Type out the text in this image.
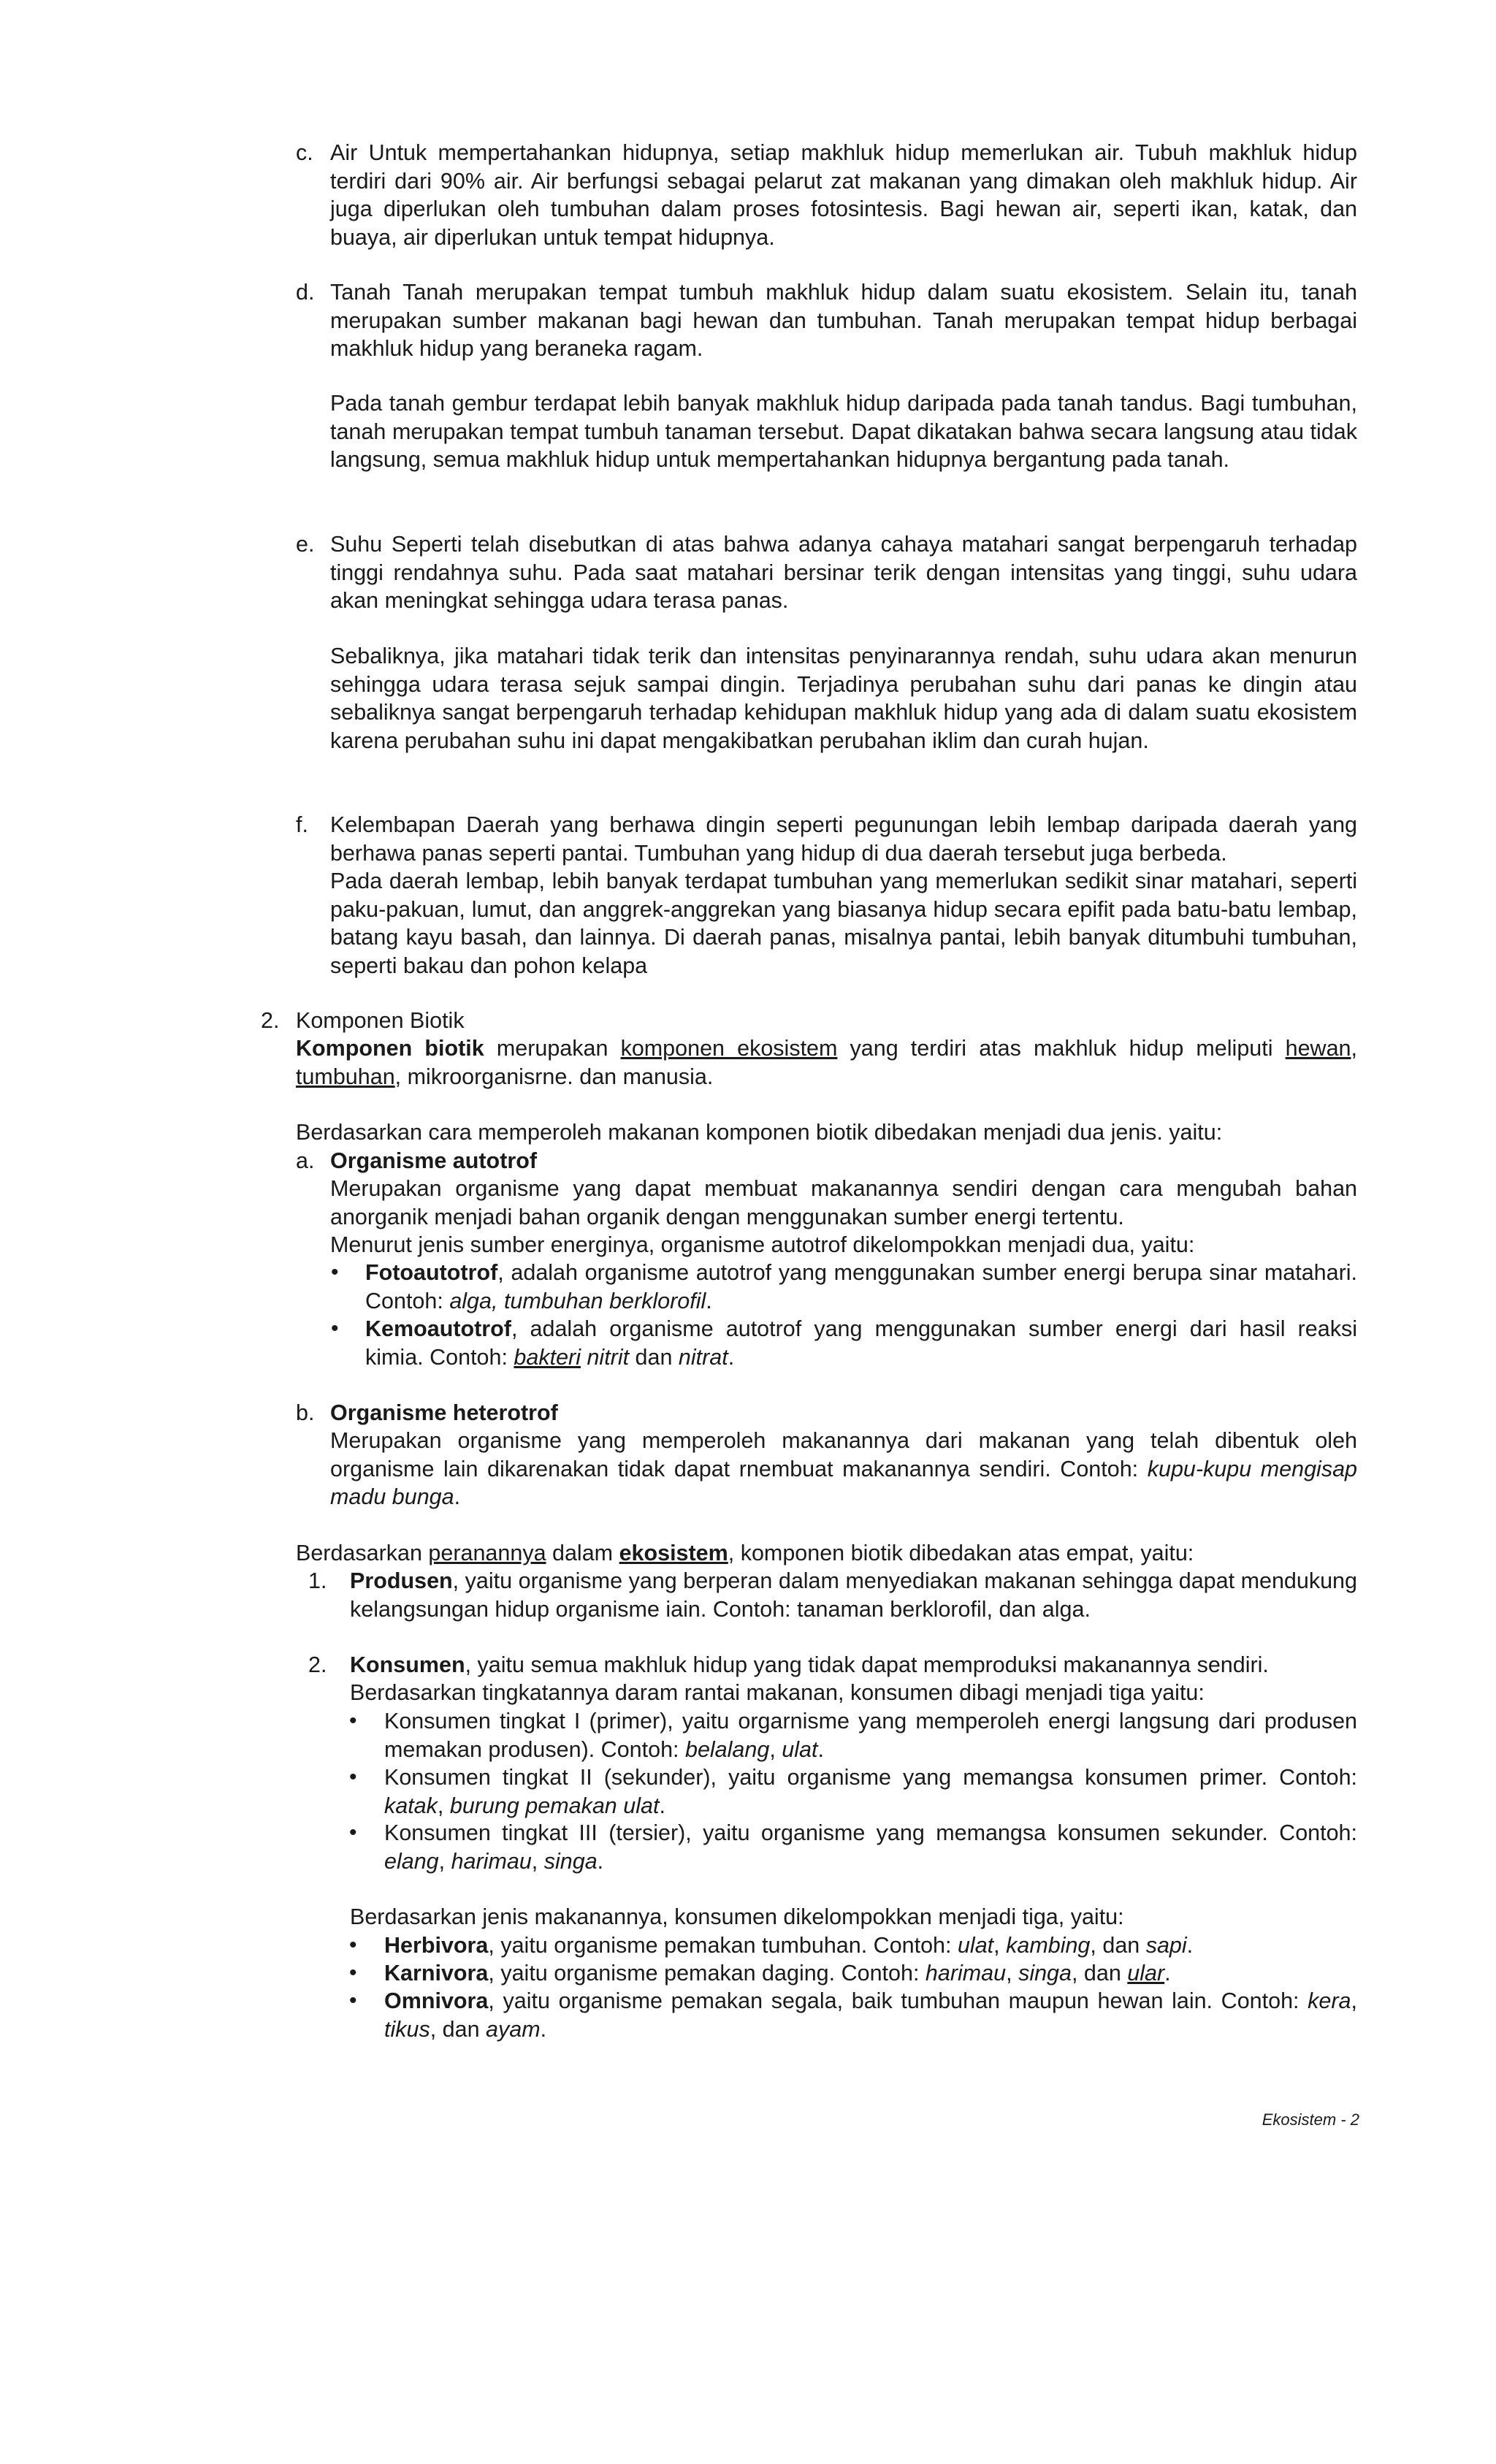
c. Air Untuk mempertahankan hidupnya, setiap makhluk hidup memerlukan air. Tubuh makhluk hidup terdiri dari 90% air. Air berfungsi sebagai pelarut zat makanan yang dimakan oleh makhluk hidup. Air juga diperlukan oleh tumbuhan dalam proses fotosintesis. Bagi hewan air, seperti ikan, katak, dan buaya, air diperlukan untuk tempat hidupnya.

d. Tanah Tanah merupakan tempat tumbuh makhluk hidup dalam suatu ekosistem. Selain itu, tanah merupakan sumber makanan bagi hewan dan tumbuhan. Tanah merupakan tempat hidup berbagai makhluk hidup yang beraneka ragam.

Pada tanah gembur terdapat lebih banyak makhluk hidup daripada pada tanah tandus. Bagi tumbuhan, tanah merupakan tempat tumbuh tanaman tersebut. Dapat dikatakan bahwa secara langsung atau tidak langsung, semua makhluk hidup untuk mempertahankan hidupnya bergantung pada tanah.

e. Suhu Seperti telah disebutkan di atas bahwa adanya cahaya matahari sangat berpengaruh terhadap tinggi rendahnya suhu. Pada saat matahari bersinar terik dengan intensitas yang tinggi, suhu udara akan meningkat sehingga udara terasa panas.

Sebaliknya, jika matahari tidak terik dan intensitas penyinarannya rendah, suhu udara akan menurun sehingga udara terasa sejuk sampai dingin. Terjadinya perubahan suhu dari panas ke dingin atau sebaliknya sangat berpengaruh terhadap kehidupan makhluk hidup yang ada di dalam suatu ekosistem karena perubahan suhu ini dapat mengakibatkan perubahan iklim dan curah hujan.

f. Kelembapan Daerah yang berhawa dingin seperti pegunungan lebih lembap daripada daerah yang berhawa panas seperti pantai. Tumbuhan yang hidup di dua daerah tersebut juga berbeda.

Pada daerah lembap, lebih banyak terdapat tumbuhan yang memerlukan sedikit sinar matahari, seperti paku-pakuan, lumut, dan anggrek-anggrekan yang biasanya hidup secara epifit pada batu-batu lembap, batang kayu basah, dan lainnya. Di daerah panas, misalnya pantai, lebih banyak ditumbuhi tumbuhan, seperti bakau dan pohon kelapa

2. Komponen Biotik

Komponen biotik merupakan komponen ekosistem yang terdiri atas makhluk hidup meliputi hewan, tumbuhan, mikroorganisrne. dan manusia.

Berdasarkan cara memperoleh makanan komponen biotik dibedakan menjadi dua jenis. yaitu:

a. Organisme autotrof

Merupakan organisme yang dapat membuat makanannya sendiri dengan cara mengubah bahan anorganik menjadi bahan organik dengan menggunakan sumber energi tertentu.

Menurut jenis sumber energinya, organisme autotrof dikelompokkan menjadi dua, yaitu:

• Fotoautotrof, adalah organisme autotrof yang menggunakan sumber energi berupa sinar matahari. Contoh: alga, tumbuhan berklorofil.

• Kemoautotrof, adalah organisme autotrof yang menggunakan sumber energi dari hasil reaksi kimia. Contoh: bakteri nitrit dan nitrat.

b. Organisme heterotrof

Merupakan organisme yang memperoleh makanannya dari makanan yang telah dibentuk oleh organisme lain dikarenakan tidak dapat rnembuat makanannya sendiri. Contoh: kupu-kupu mengisap madu bunga.

Berdasarkan peranannya dalam ekosistem, komponen biotik dibedakan atas empat, yaitu:

1. Produsen, yaitu organisme yang berperan dalam menyediakan makanan sehingga dapat mendukung kelangsungan hidup organisme iain. Contoh: tanaman berklorofil, dan alga.

2. Konsumen, yaitu semua makhluk hidup yang tidak dapat memproduksi makanannya sendiri.

Berdasarkan tingkatannya daram rantai makanan, konsumen dibagi menjadi tiga yaitu:

• Konsumen tingkat I (primer), yaitu orgarnisme yang memperoleh energi langsung dari produsen memakan produsen). Contoh: belalang, ulat.

• Konsumen tingkat II (sekunder), yaitu organisme yang memangsa konsumen primer. Contoh: katak, burung pemakan ulat.

• Konsumen tingkat III (tersier), yaitu organisme yang memangsa konsumen sekunder. Contoh: elang, harimau, singa.

Berdasarkan jenis makanannya, konsumen dikelompokkan menjadi tiga, yaitu:

• Herbivora, yaitu organisme pemakan tumbuhan. Contoh: ulat, kambing, dan sapi.

• Karnivora, yaitu organisme pemakan daging. Contoh: harimau, singa, dan ular.

• Omnivora, yaitu organisme pemakan segala, baik tumbuhan maupun hewan lain. Contoh: kera, tikus, dan ayam.

Ekosistem - 2
